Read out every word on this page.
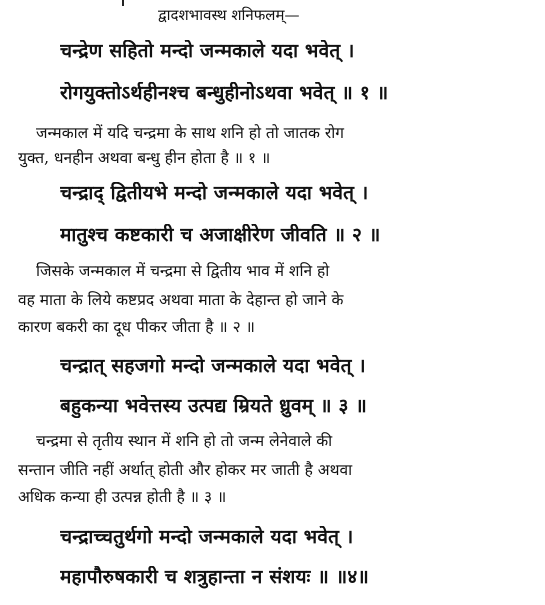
द्वादशभावस्थ शनिफलम्—
चन्द्रेण सहितो मन्दो जन्मकाले यदा भवेत् ।
रोगयुक्तोऽर्थहीनश्च बन्धुहीनोऽथवा भवेत् ॥ १ ॥
जन्मकाल में यदि चन्द्रमा के साथ शनि हो तो जातक रोग
युक्त, धनहीन अथवा बन्धु हीन होता है ॥ १ ॥
चन्द्राद् द्वितीयभे मन्दो जन्मकाले यदा भवेत् ।
मातुश्च कष्टकारी च अजाक्षीरेण जीवति ॥ २ ॥
जिसके जन्मकाल में चन्द्रमा से द्वितीय भाव में शनि हो
वह माता के लिये कष्टप्रद अथवा माता के देहान्त हो जाने के
कारण बकरी का दूध पीकर जीता है ॥ २ ॥
चन्द्रात् सहजगो मन्दो जन्मकाले यदा भवेत् ।
बहुकन्या भवेत्तस्य उत्पद्य म्रियते ध्रुवम् ॥ ३ ॥
चन्द्रमा से तृतीय स्थान में शनि हो तो जन्म लेनेवाले की
सन्तान जीति नहीं अर्थात् होती और होकर मर जाती है अथवा
अधिक कन्या ही उत्पन्न होती है ॥ ३ ॥
चन्द्राच्चतुर्थगो मन्दो जन्मकाले यदा भवेत् ।
महापौरुषकारी च शत्रुहान्ता न संशयः ॥ ॥४॥
